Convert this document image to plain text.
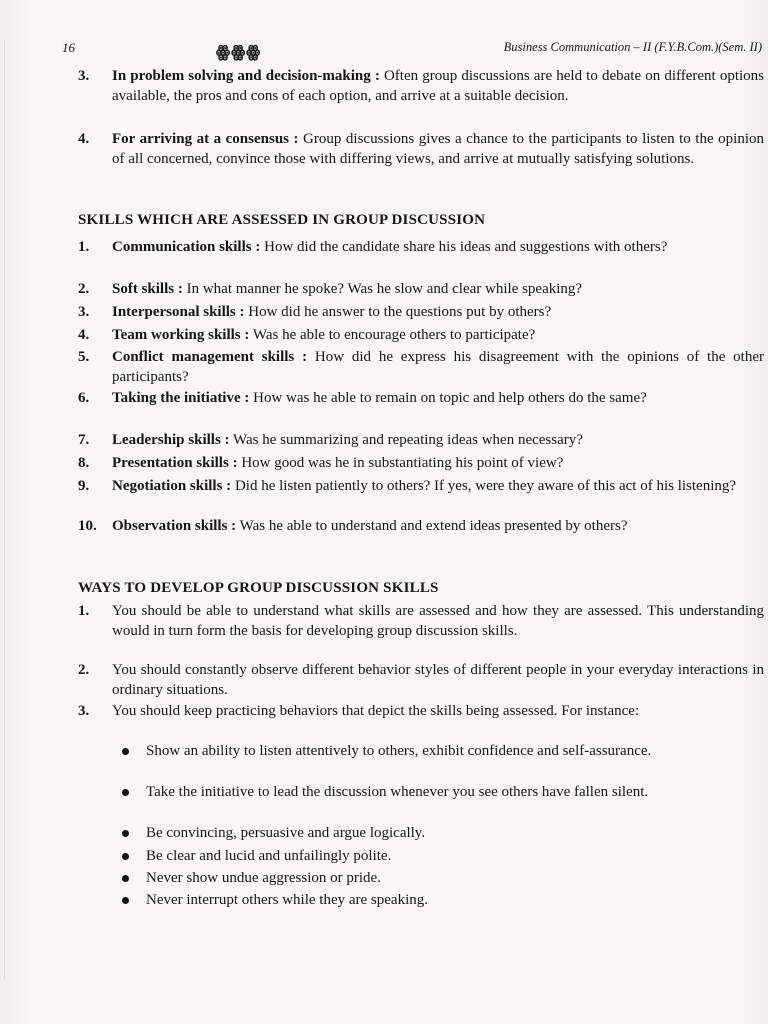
16	ꙮꙮꙮ	Business Communication – II (F.Y.B.Com.)(Sem. II)
3.	In problem solving and decision-making : Often group discussions are held to debate on different options available, the pros and cons of each option, and arrive at a suitable decision.
4.	For arriving at a consensus : Group discussions gives a chance to the participants to listen to the opinion of all concerned, convince those with differing views, and arrive at mutually satisfying solutions.
SKILLS WHICH ARE ASSESSED IN GROUP DISCUSSION
1.	Communication skills : How did the candidate share his ideas and suggestions with others?
2.	Soft skills : In what manner he spoke? Was he slow and clear while speaking?
3.	Interpersonal skills : How did he answer to the questions put by others?
4.	Team working skills : Was he able to encourage others to participate?
5.	Conflict management skills : How did he express his disagreement with the opinions of the other participants?
6.	Taking the initiative : How was he able to remain on topic and help others do the same?
7.	Leadership skills : Was he summarizing and repeating ideas when necessary?
8.	Presentation skills : How good was he in substantiating his point of view?
9.	Negotiation skills : Did he listen patiently to others? If yes, were they aware of this act of his listening?
10.	Observation skills : Was he able to understand and extend ideas presented by others?
WAYS TO DEVELOP GROUP DISCUSSION SKILLS
1.	You should be able to understand what skills are assessed and how they are assessed. This understanding would in turn form the basis for developing group discussion skills.
2.	You should constantly observe different behavior styles of different people in your everyday interactions in ordinary situations.
3.	You should keep practicing behaviors that depict the skills being assessed. For instance:
Show an ability to listen attentively to others, exhibit confidence and self-assurance.
Take the initiative to lead the discussion whenever you see others have fallen silent.
Be convincing, persuasive and argue logically.
Be clear and lucid and unfailingly polite.
Never show undue aggression or pride.
Never interrupt others while they are speaking.
